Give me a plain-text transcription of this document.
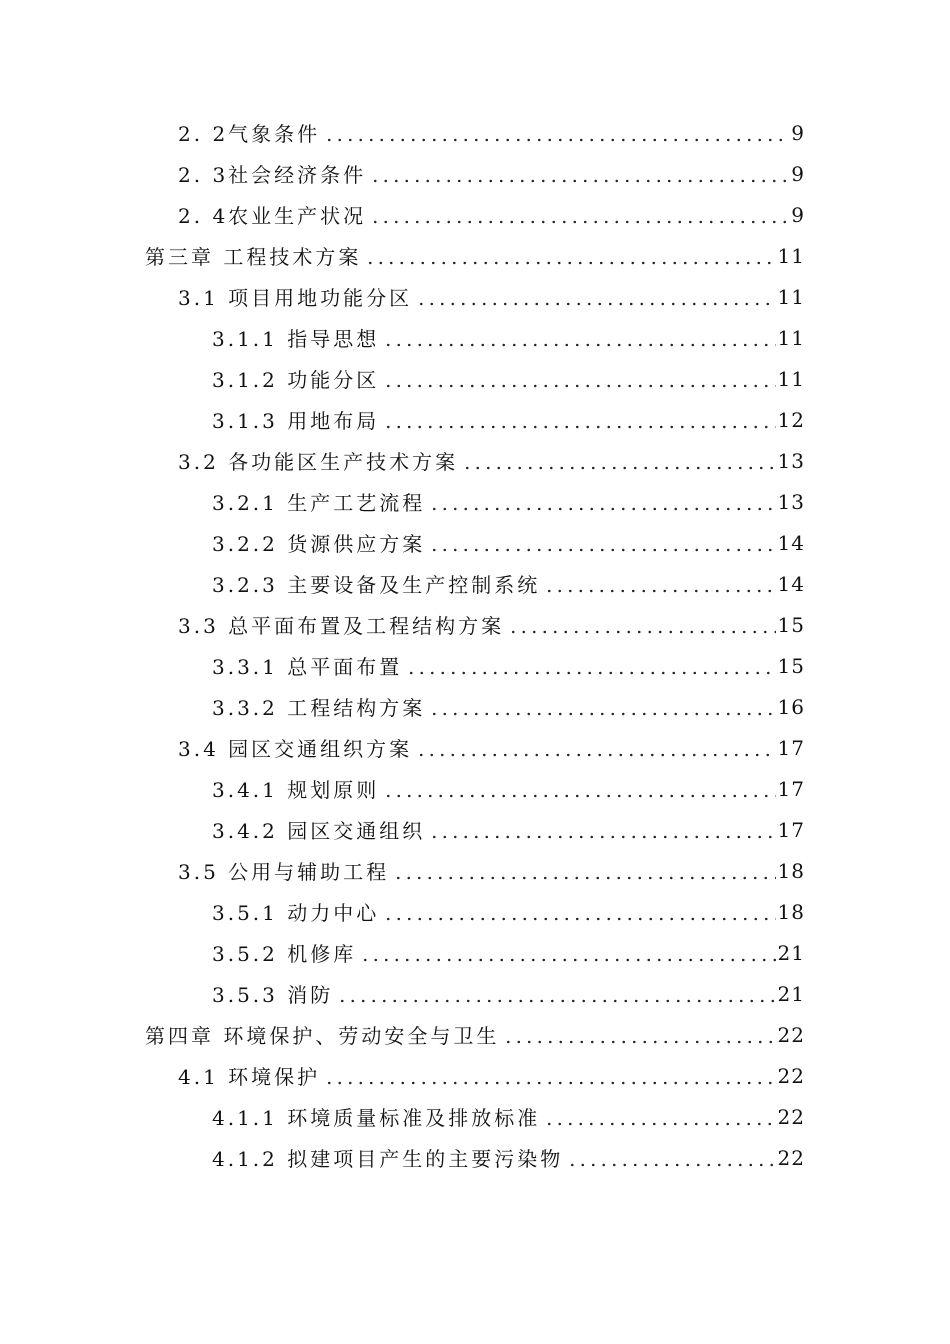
2. 2气象条件	9
2. 3社会经济条件	9
2. 4农业生产状况	9
第三章 工程技术方案	11
3.1 项目用地功能分区	11
3.1.1 指导思想	11
3.1.2 功能分区	11
3.1.3 用地布局	12
3.2 各功能区生产技术方案	13
3.2.1 生产工艺流程	13
3.2.2 货源供应方案	14
3.2.3 主要设备及生产控制系统	14
3.3 总平面布置及工程结构方案	15
3.3.1 总平面布置	15
3.3.2 工程结构方案	16
3.4 园区交通组织方案	17
3.4.1 规划原则	17
3.4.2 园区交通组织	17
3.5 公用与辅助工程	18
3.5.1 动力中心	18
3.5.2 机修库	21
3.5.3 消防	21
第四章 环境保护、劳动安全与卫生	22
4.1 环境保护	22
4.1.1 环境质量标准及排放标准	22
4.1.2 拟建项目产生的主要污染物	22
